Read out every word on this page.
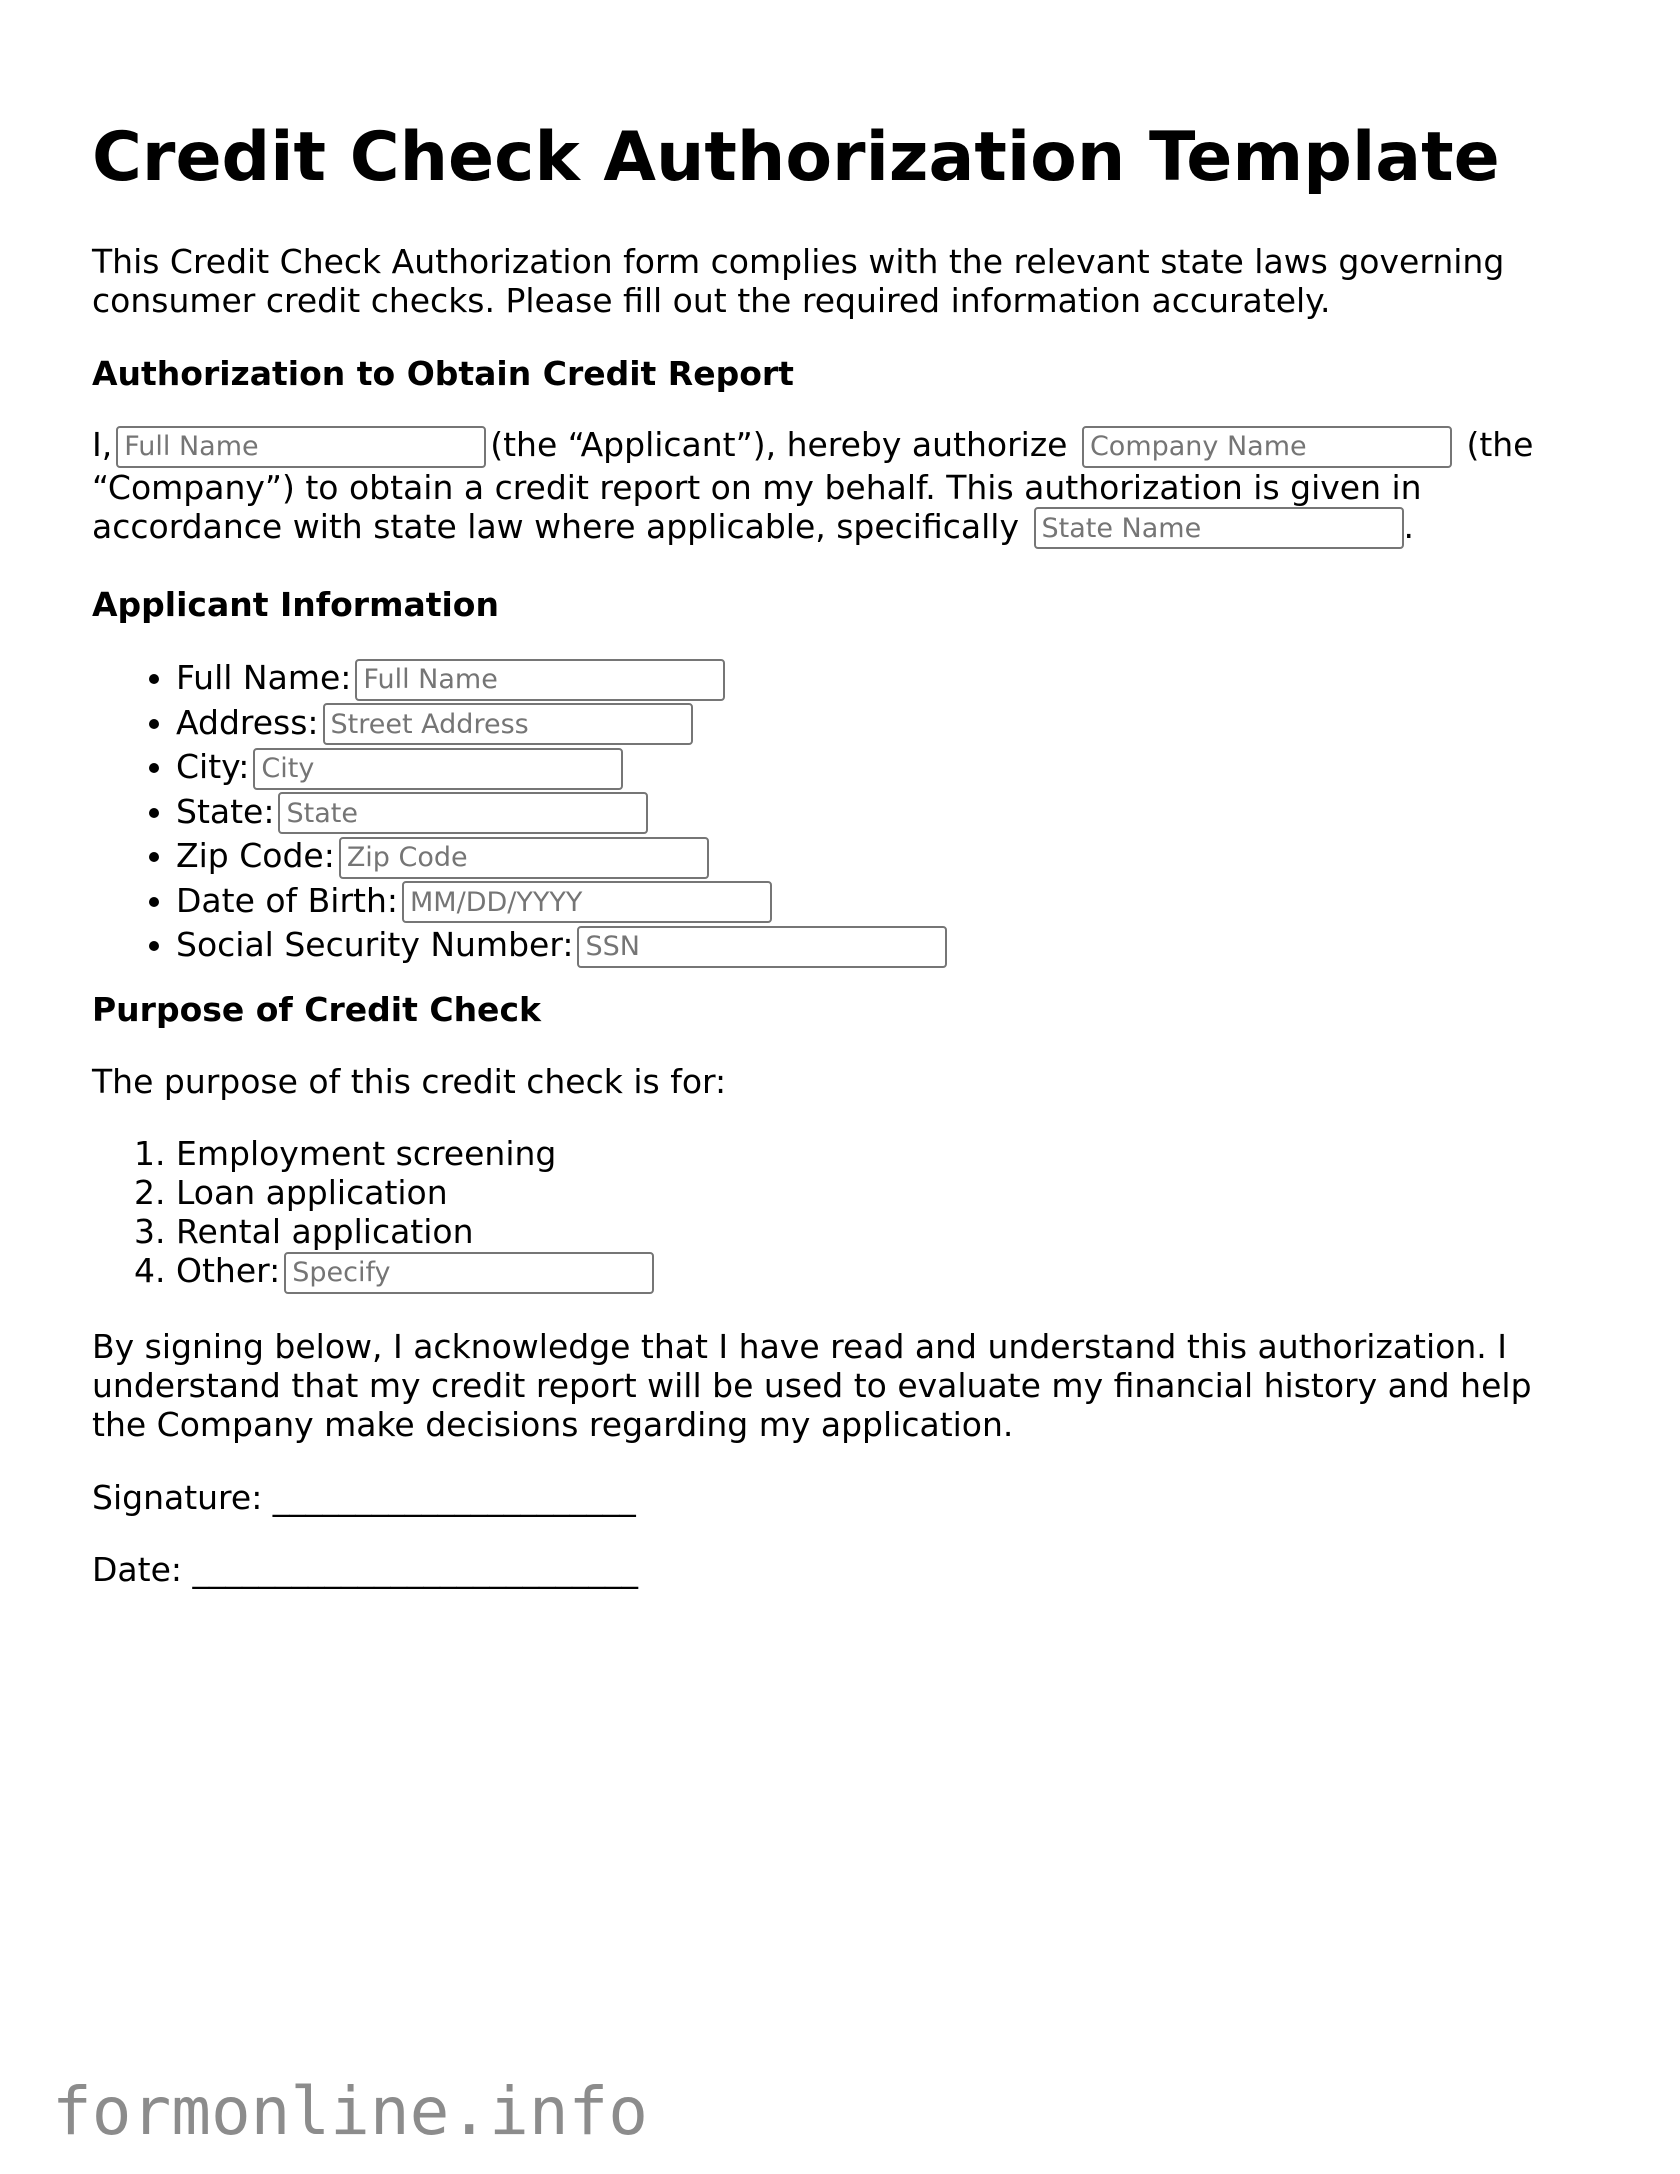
Credit Check Authorization Template
This Credit Check Authorization form complies with the relevant state laws governing consumer credit checks. Please fill out the required information accurately.
Authorization to Obtain Credit Report
I,Full Name	(the “Applicant”), hereby authorize Company Name	(the “Company”) to obtain a credit report on my behalf. This authorization is given in accordance with state law where applicable, specifically State Name	.
Applicant Information
• Full Name:Full Name
• Address:Street Address
• City:City
• State:State
• Zip Code:Zip Code
• Date of Birth:MM/DD/YYYY
• Social Security Number:SSN
Purpose of Credit Check
The purpose of this credit check is for:
1. Employment screening
2. Loan application
3. Rental application
4. Other:Specify
By signing below, I acknowledge that I have read and understand this authorization. I understand that my credit report will be used to evaluate my financial history and help the Company make decisions regarding my application.
Signature: ______________________
Date: ___________________________
formonline.info
